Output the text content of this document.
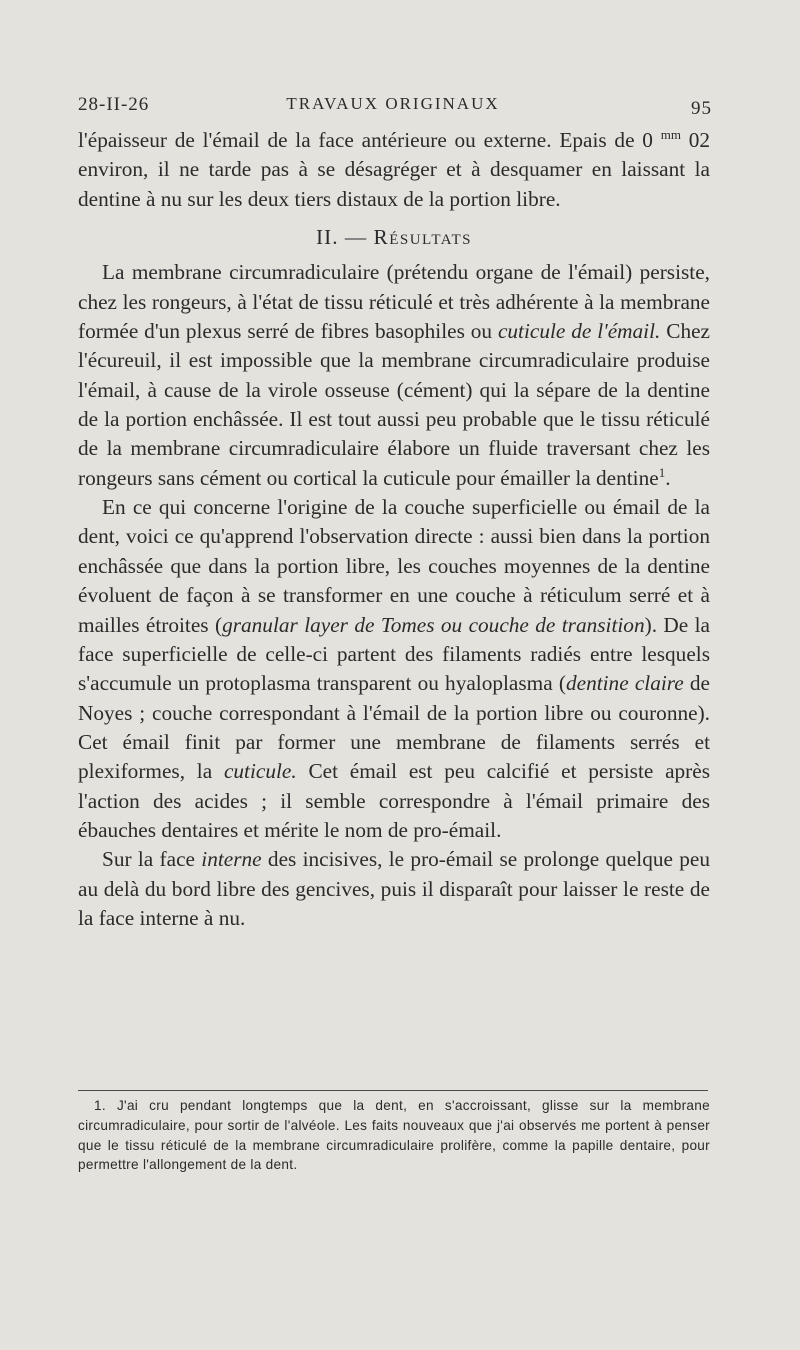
28-II-26	TRAVAUX ORIGINAUX	95

l'épaisseur de l'émail de la face antérieure ou externe. Epais de 0 $^{mm}$ 02 environ, il ne tarde pas à se désagréger et à desquamer en laissant la dentine à nu sur les deux tiers distaux de la portion libre.

II. — Résultats

La membrane circumradiculaire (prétendu organe de l'émail) persiste, chez les rongeurs, à l'état de tissu réticulé et très adhérente à la membrane formée d'un plexus serré de fibres basophiles ou cuticule de l'émail. Chez l'écureuil, il est impossible que la membrane circumradiculaire produise l'émail, à cause de la virole osseuse (cément) qui la sépare de la dentine de la portion enchâssée. Il est tout aussi peu probable que le tissu réticulé de la membrane circumradiculaire élabore un fluide traversant chez les rongeurs sans cément ou cortical la cuticule pour émailler la dentine$^1$.

En ce qui concerne l'origine de la couche superficielle ou émail de la dent, voici ce qu'apprend l'observation directe : aussi bien dans la portion enchâssée que dans la portion libre, les couches moyennes de la dentine évoluent de façon à se transformer en une couche à réticulum serré et à mailles étroites (granular layer de Tomes ou couche de transition). De la face superficielle de celle-ci partent des filaments radiés entre lesquels s'accumule un protoplasma transparent ou hyaloplasma (dentine claire de Noyes ; couche correspondant à l'émail de la portion libre ou couronne). Cet émail finit par former une membrane de filaments serrés et plexiformes, la cuticule. Cet émail est peu calcifié et persiste après l'action des acides ; il semble correspondre à l'émail primaire des ébauches dentaires et mérite le nom de pro-émail.

Sur la face interne des incisives, le pro-émail se prolonge quelque peu au delà du bord libre des gencives, puis il disparaît pour laisser le reste de la face interne à nu.

1. J'ai cru pendant longtemps que la dent, en s'accroissant, glisse sur la membrane circumradiculaire, pour sortir de l'alvéole. Les faits nouveaux que j'ai observés me portent à penser que le tissu réticulé de la membrane circumradiculaire prolifère, comme la papille dentaire, pour permettre l'allongement de la dent.
